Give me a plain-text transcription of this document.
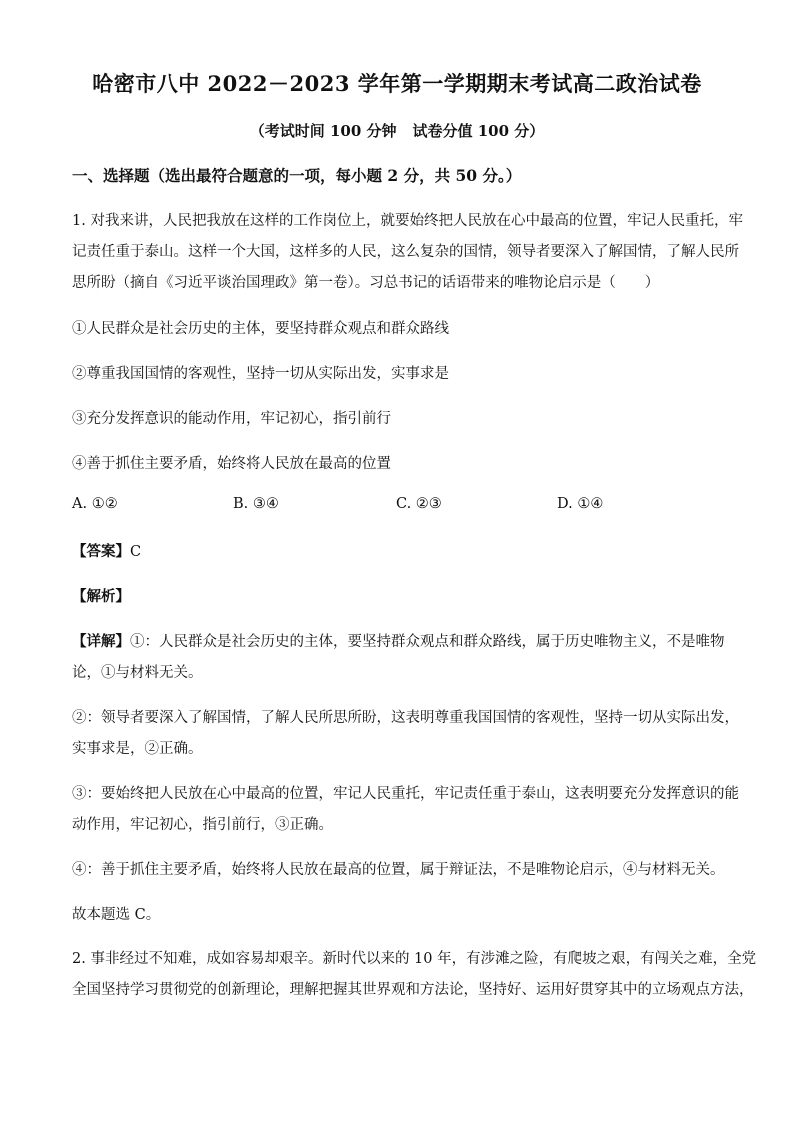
哈密市八中 2022－2023 学年第一学期期末考试高二政治试卷
（考试时间 100 分钟 试卷分值 100 分）
一、选择题（选出最符合题意的一项，每小题 2 分，共 50 分。）
1. 对我来讲，人民把我放在这样的工作岗位上，就要始终把人民放在心中最高的位置，牢记人民重托，牢
记责任重于泰山。这样一个大国，这样多的人民，这么复杂的国情，领导者要深入了解国情，了解人民所
思所盼（摘自《习近平谈治国理政》第一卷）。习总书记的话语带来的唯物论启示是（　　）
①人民群众是社会历史的主体，要坚持群众观点和群众路线
②尊重我国国情的客观性，坚持一切从实际出发，实事求是
③充分发挥意识的能动作用，牢记初心，指引前行
④善于抓住主要矛盾，始终将人民放在最高的位置
A. ①②	B. ③④	C. ②③	D. ①④
【答案】C
【解析】
【详解】①：人民群众是社会历史的主体，要坚持群众观点和群众路线，属于历史唯物主义，不是唯物
论，①与材料无关。
②：领导者要深入了解国情，了解人民所思所盼，这表明尊重我国国情的客观性，坚持一切从实际出发，
实事求是，②正确。
③：要始终把人民放在心中最高的位置，牢记人民重托，牢记责任重于泰山，这表明要充分发挥意识的能
动作用，牢记初心，指引前行，③正确。
④：善于抓住主要矛盾，始终将人民放在最高的位置，属于辩证法，不是唯物论启示，④与材料无关。
故本题选 C。
2. 事非经过不知难，成如容易却艰辛。新时代以来的 10 年，有涉滩之险，有爬坡之艰，有闯关之难，全党
全国坚持学习贯彻党的创新理论，理解把握其世界观和方法论，坚持好、运用好贯穿其中的立场观点方法，
